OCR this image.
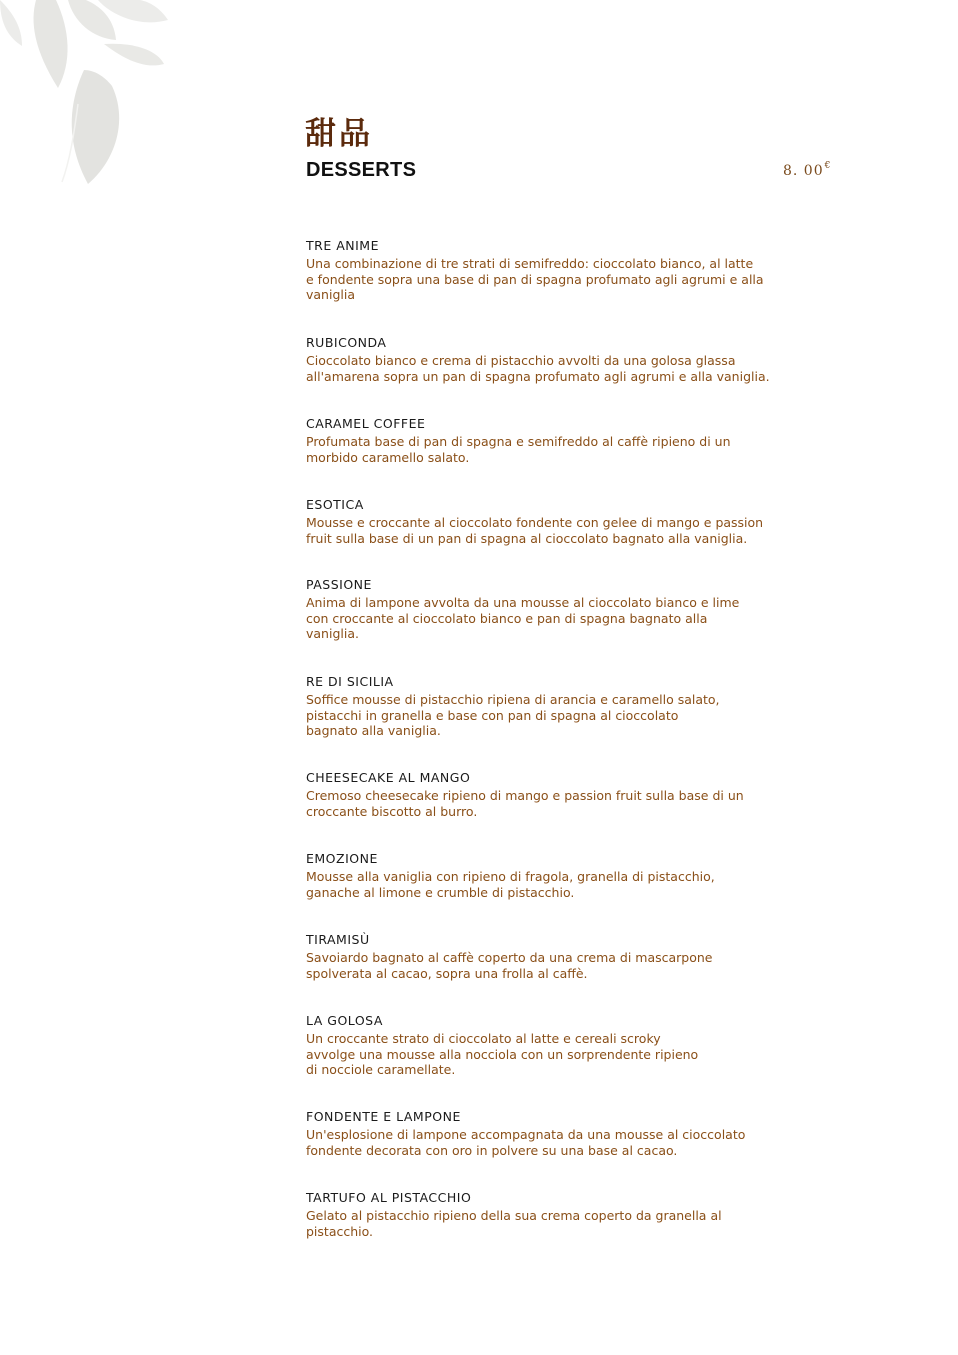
甜品
DESSERTS	8. 00€
TRE ANIME
Una combinazione di tre strati di semifreddo: cioccolato bianco, al latte
e fondente sopra una base di pan di spagna profumato agli agrumi e alla
vaniglia
RUBICONDA
Cioccolato bianco e crema di pistacchio avvolti da una golosa glassa
all'amarena sopra un pan di spagna profumato agli agrumi e alla vaniglia.
CARAMEL COFFEE
Profumata base di pan di spagna e semifreddo al caffè ripieno di un
morbido caramello salato.
ESOTICA
Mousse e croccante al cioccolato fondente con gelee di mango e passion
fruit sulla base di un pan di spagna al cioccolato bagnato alla vaniglia.
PASSIONE
Anima di lampone avvolta da una mousse al cioccolato bianco e lime
con croccante al cioccolato bianco e pan di spagna bagnato alla
vaniglia.
RE DI SICILIA
Soffice mousse di pistacchio ripiena di arancia e caramello salato,
pistacchi in granella e base con pan di spagna al cioccolato
bagnato alla vaniglia.
CHEESECAKE AL MANGO
Cremoso cheesecake ripieno di mango e passion fruit sulla base di un
croccante biscotto al burro.
EMOZIONE
Mousse alla vaniglia con ripieno di fragola, granella di pistacchio,
ganache al limone e crumble di pistacchio.
TIRAMISÙ
Savoiardo bagnato al caffè coperto da una crema di mascarpone
spolverata al cacao, sopra una frolla al caffè.
LA GOLOSA
Un croccante strato di cioccolato al latte e cereali scroky
avvolge una mousse alla nocciola con un sorprendente ripieno
di nocciole caramellate.
FONDENTE E LAMPONE
Un'esplosione di lampone accompagnata da una mousse al cioccolato
fondente decorata con oro in polvere su una base al cacao.
TARTUFO AL PISTACCHIO
Gelato al pistacchio ripieno della sua crema coperto da granella al
pistacchio.
